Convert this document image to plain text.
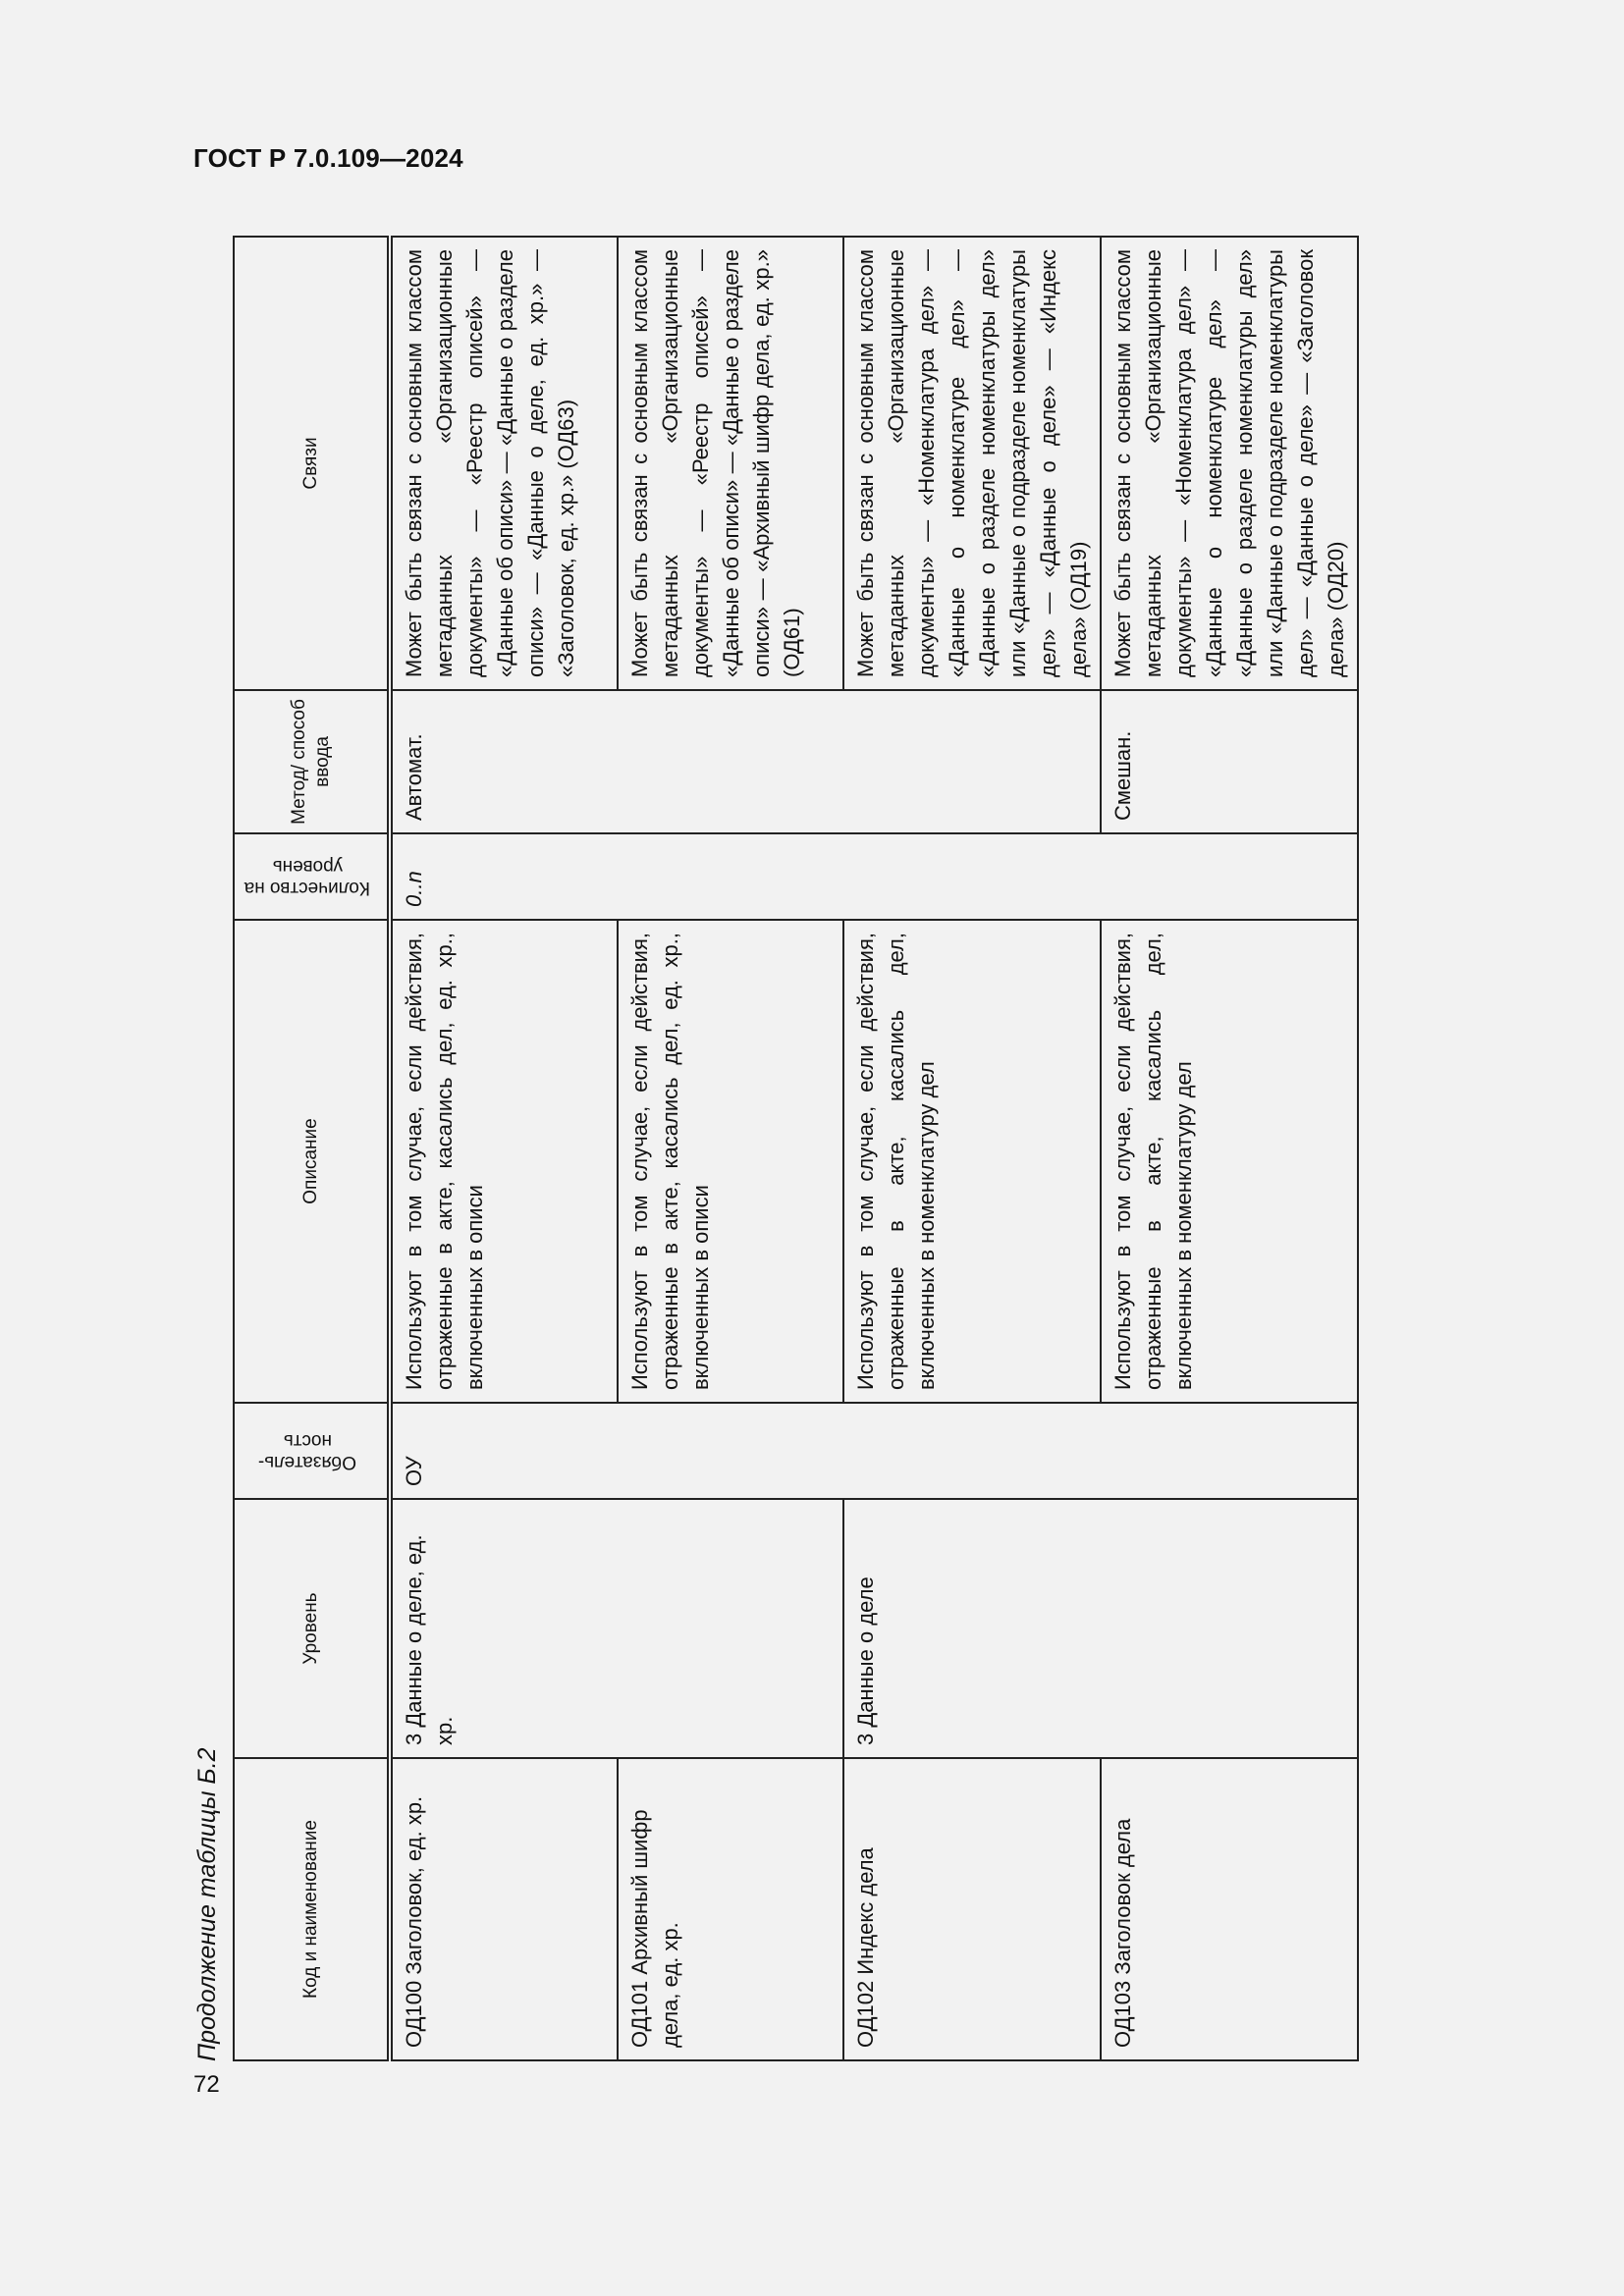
ГОСТ Р 7.0.109—2024
Продолжение таблицы Б.2	Код и наименование	Уровень	Обязатель-ность	Описание	Количество на уровень	Метод/ способ ввода	Связи
ОД100 Заголовок, ед. хр.	3 Данные о деле, ед. хр.	ОУ	Используют в том случае, если действия, отраженные в акте, касались дел, ед. хр., включенных в описи	0..n	Автомат.	Может быть связан с основным классом метаданных «Организационные документы» — «Реестр описей» — «Данные об описи» — «Данные о разделе описи» — «Данные о деле, ед. хр.» — «Заголовок, ед. хр.» (ОД63)
ОД101 Архивный шифр дела, ед. хр.			Используют в том случае, если действия, отраженные в акте, касались дел, ед. хр., включенных в описи			Может быть связан с основным классом метаданных «Организационные документы» — «Реестр описей» — «Данные об описи» — «Данные о разделе описи» — «Архивный шифр дела, ед. хр.» (ОД61)
ОД102 Индекс дела	3 Данные о деле		Используют в том случае, если действия, отраженные в акте, касались дел, включенных в номенклатуру дел			Может быть связан с основным классом метаданных «Организационные документы» — «Номенклатура дел» — «Данные о номенклатуре дел» — «Данные о разделе номенклатуры дел» или «Данные о подразделе номенклатуры дел» — «Данные о деле» — «Индекс дела» (ОД19)
ОД103 Заголовок дела			Используют в том случае, если действия, отраженные в акте, касались дел, включенных в номенклатуру дел		Смешан.	Может быть связан с основным классом метаданных «Организационные документы» — «Номенклатура дел» — «Данные о номенклатуре дел» — «Данные о разделе номенклатуры дел» или «Данные о подразделе номенклатуры дел» — «Данные о деле» — «Заголовок дела» (ОД20)
72
